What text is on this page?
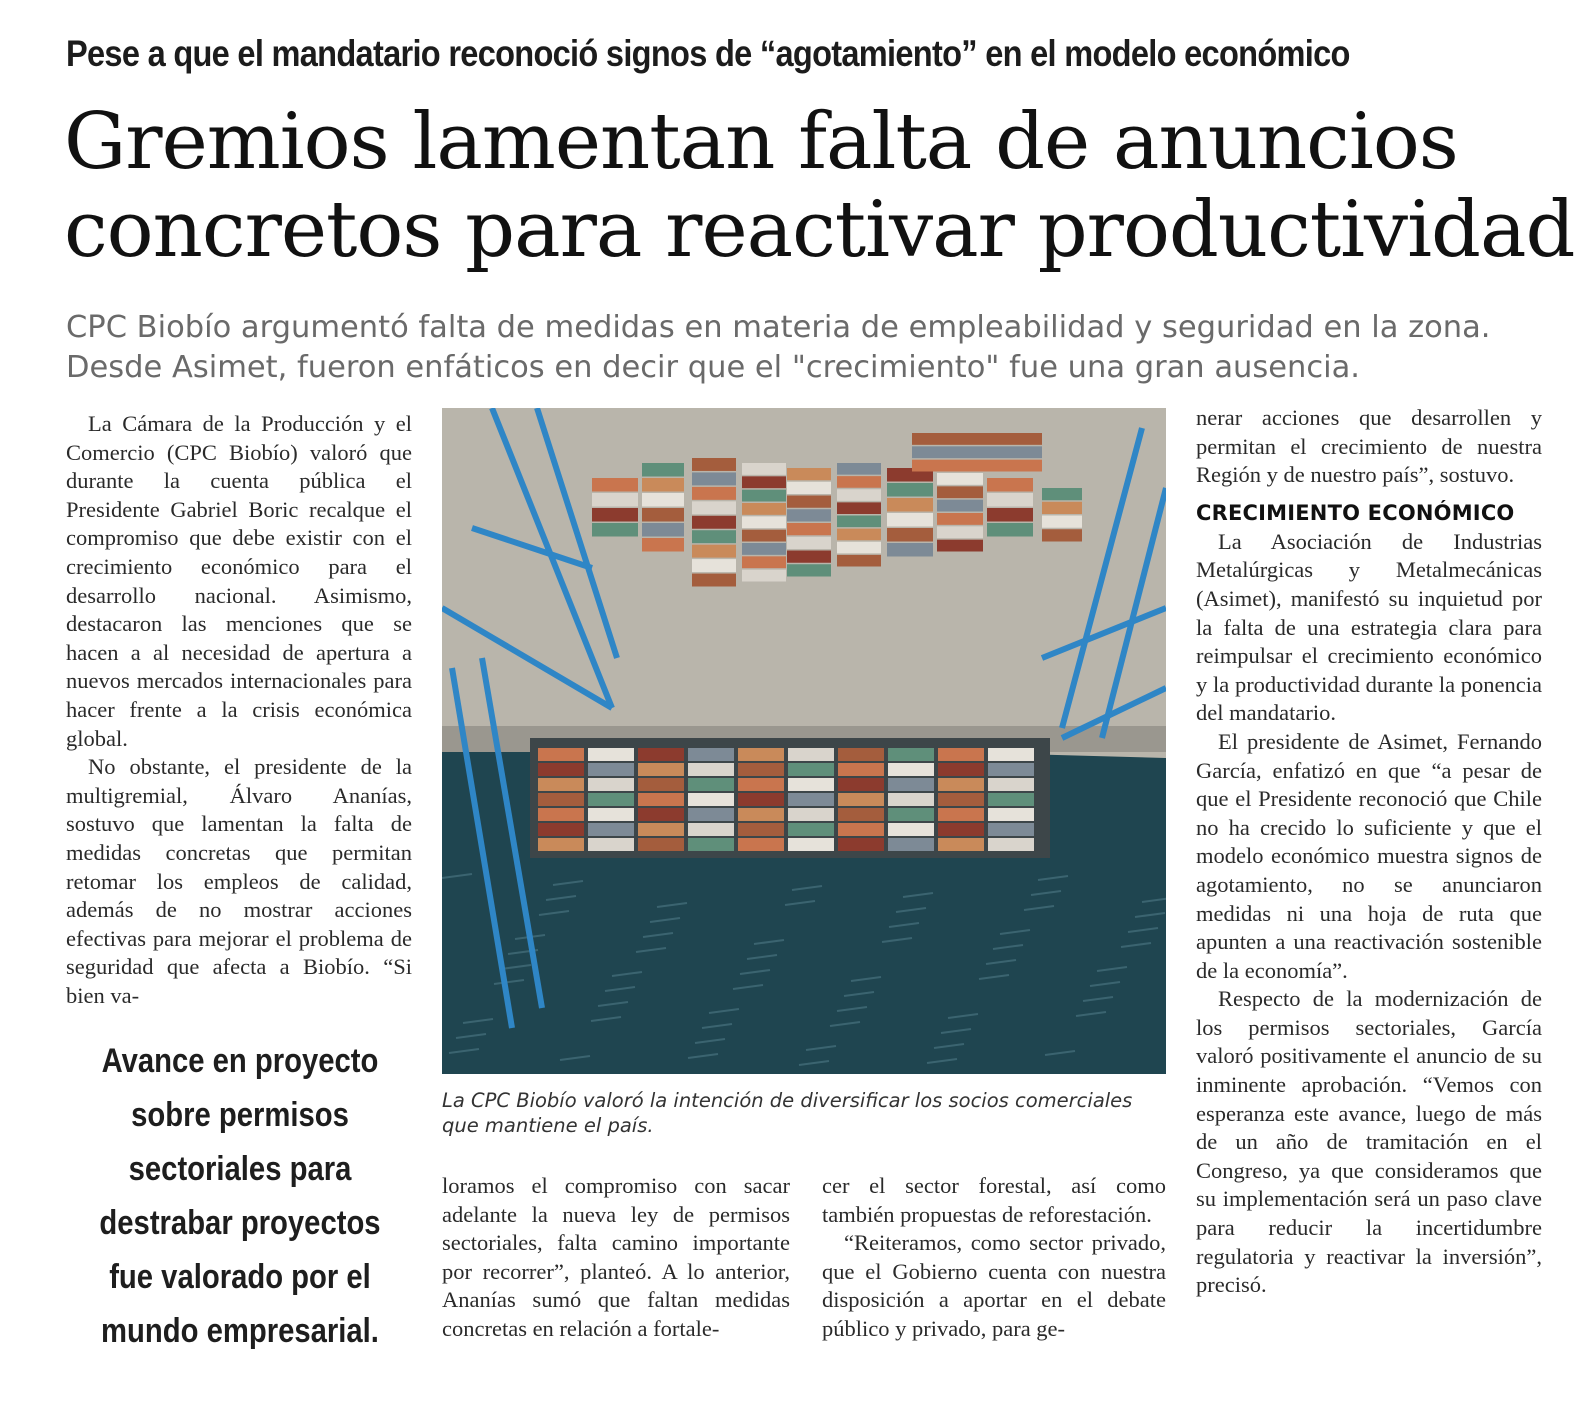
Pese a que el mandatario reconoció signos de “agotamiento” en el modelo económico
Gremios lamentan falta de anuncios
concretos para reactivar productividad
CPC Biobío argumentó falta de medidas en materia de empleabilidad y seguridad en la zona.
Desde Asimet, fueron enfáticos en decir que el "crecimiento" fue una gran ausencia.

La Cámara de la Producción y el Comercio (CPC Biobío) valoró que durante la cuenta pública el Presidente Gabriel Boric recalque el compromiso que debe existir con el crecimiento económico para el desarrollo nacional. Asimismo, destacaron las menciones que se hacen a al necesidad de apertura a nuevos mercados internacionales para hacer frente a la crisis económica global.

No obstante, el presidente de la multigremial, Álvaro Ananías, sostuvo que lamentan la falta de medidas concretas que permitan retomar los empleos de calidad, además de no mostrar acciones efectivas para mejorar el problema de seguridad que afecta a Biobío. “Si bien va-

Avance en proyecto sobre permisos sectoriales para destrabar proyectos fue valorado por el mundo empresarial.
La CPC Biobío valoró la intención de diversificar los socios comerciales que mantiene el país.

loramos el compromiso con sacar adelante la nueva ley de permisos sectoriales, falta camino importante por recorrer”, planteó. A lo anterior, Ananías sumó que faltan medidas concretas en relación a fortale-

cer el sector forestal, así como también propuestas de reforestación.

“Reiteramos, como sector privado, que el Gobierno cuenta con nuestra disposición a aportar en el debate público y privado, para ge-

nerar acciones que desarrollen y permitan el crecimiento de nuestra Región y de nuestro país”, sostuvo.

CRECIMIENTO ECONÓMICO

La Asociación de Industrias Metalúrgicas y Metalmecánicas (Asimet), manifestó su inquietud por la falta de una estrategia clara para reimpulsar el crecimiento económico y la productividad durante la ponencia del mandatario.

El presidente de Asimet, Fernando García, enfatizó en que “a pesar de que el Presidente reconoció que Chile no ha crecido lo suficiente y que el modelo económico muestra signos de agotamiento, no se anunciaron medidas ni una hoja de ruta que apunten a una reactivación sostenible de la economía”.

Respecto de la modernización de los permisos sectoriales, García valoró positivamente el anuncio de su inminente aprobación. “Vemos con esperanza este avance, luego de más de un año de tramitación en el Congreso, ya que consideramos que su implementación será un paso clave para reducir la incertidumbre regulatoria y reactivar la inversión”, precisó.
